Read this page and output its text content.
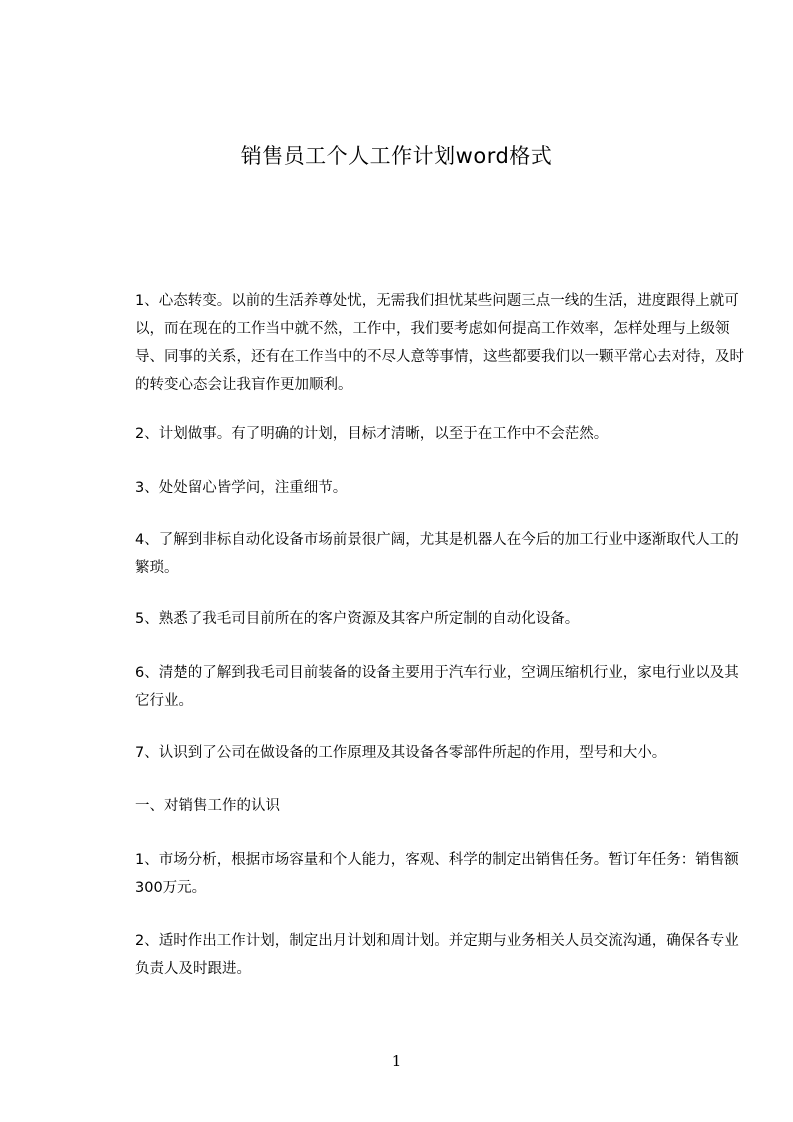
销售员工个人工作计划word格式

1、心态转变。以前的生活养尊处忧，无需我们担忧某些问题三点一线的生活，进度跟得上就可以，而在现在的工作当中就不然，工作中，我们要考虑如何提高工作效率，怎样处理与上级领导、同事的关系，还有在工作当中的不尽人意等事情，这些都要我们以一颗平常心去对待，及时的转变心态会让我盲作更加顺利。

2、计划做事。有了明确的计划，目标才清晰，以至于在工作中不会茫然。

3、处处留心皆学问，注重细节。

4、了解到非标自动化设备市场前景很广阔，尤其是机器人在今后的加工行业中逐渐取代人工的繁琐。

5、熟悉了我毛司目前所在的客户资源及其客户所定制的自动化设备。

6、清楚的了解到我毛司目前装备的设备主要用于汽车行业，空调压缩机行业，家电行业以及其它行业。

7、认识到了公司在做设备的工作原理及其设备各零部件所起的作用，型号和大小。

一、对销售工作的认识

1、市场分析，根据市场容量和个人能力，客观、科学的制定出销售任务。暂订年任务：销售额300万元。

2、适时作出工作计划，制定出月计划和周计划。并定期与业务相关人员交流沟通，确保各专业负责人及时跟进。

1
